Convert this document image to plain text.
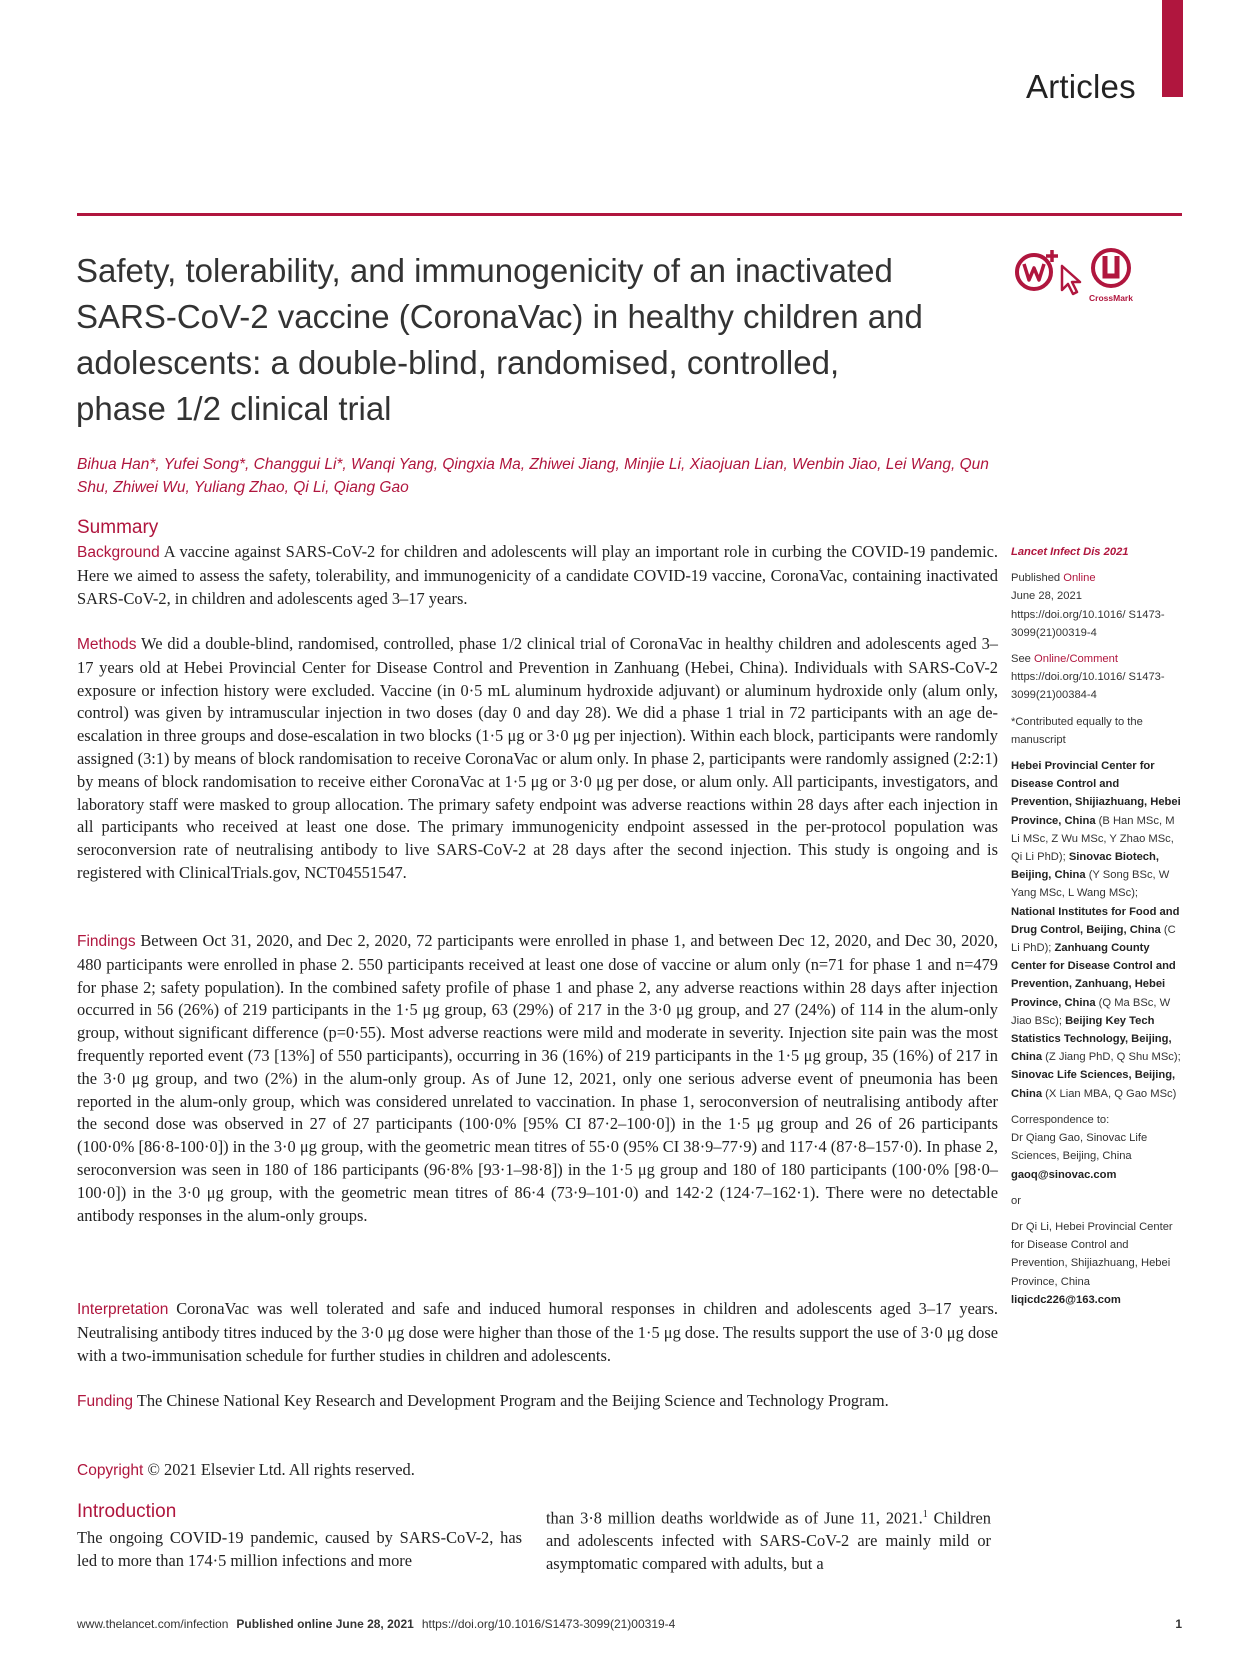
Articles
Safety, tolerability, and immunogenicity of an inactivated
SARS-CoV-2 vaccine (CoronaVac) in healthy children and
adolescents: a double-blind, randomised, controlled,
phase 1/2 clinical trial
CrossMark
Bihua Han*, Yufei Song*, Changgui Li*, Wanqi Yang, Qingxia Ma, Zhiwei Jiang, Minjie Li, Xiaojuan Lian, Wenbin Jiao, Lei Wang, Qun Shu, Zhiwei Wu, Yuliang Zhao, Qi Li, Qiang Gao
Summary

Background A vaccine against SARS-CoV-2 for children and adolescents will play an important role in curbing the COVID-19 pandemic. Here we aimed to assess the safety, tolerability, and immunogenicity of a candidate COVID-19 vaccine, CoronaVac, containing inactivated SARS-CoV-2, in children and adolescents aged 3–17 years.

Methods We did a double-blind, randomised, controlled, phase 1/2 clinical trial of CoronaVac in healthy children and adolescents aged 3–17 years old at Hebei Provincial Center for Disease Control and Prevention in Zanhuang (Hebei, China). Individuals with SARS-CoV-2 exposure or infection history were excluded. Vaccine (in 0·5 mL aluminum hydroxide adjuvant) or aluminum hydroxide only (alum only, control) was given by intramuscular injection in two doses (day 0 and day 28). We did a phase 1 trial in 72 participants with an age de-escalation in three groups and dose-escalation in two blocks (1·5 μg or 3·0 μg per injection). Within each block, participants were randomly assigned (3:1) by means of block randomisation to receive CoronaVac or alum only. In phase 2, participants were randomly assigned (2:2:1) by means of block randomisation to receive either CoronaVac at 1·5 μg or 3·0 μg per dose, or alum only. All participants, investigators, and laboratory staff were masked to group allocation. The primary safety endpoint was adverse reactions within 28 days after each injection in all participants who received at least one dose. The primary immunogenicity endpoint assessed in the per-protocol population was seroconversion rate of neutralising antibody to live SARS-CoV-2 at 28 days after the second injection. This study is ongoing and is registered with ClinicalTrials.gov, NCT04551547.

Findings Between Oct 31, 2020, and Dec 2, 2020, 72 participants were enrolled in phase 1, and between Dec 12, 2020, and Dec 30, 2020, 480 participants were enrolled in phase 2. 550 participants received at least one dose of vaccine or alum only (n=71 for phase 1 and n=479 for phase 2; safety population). In the combined safety profile of phase 1 and phase 2, any adverse reactions within 28 days after injection occurred in 56 (26%) of 219 participants in the 1·5 μg group, 63 (29%) of 217 in the 3·0 μg group, and 27 (24%) of 114 in the alum-only group, without significant difference (p=0·55). Most adverse reactions were mild and moderate in severity. Injection site pain was the most frequently reported event (73 [13%] of 550 participants), occurring in 36 (16%) of 219 participants in the 1·5 μg group, 35 (16%) of 217 in the 3·0 μg group, and two (2%) in the alum-only group. As of June 12, 2021, only one serious adverse event of pneumonia has been reported in the alum-only group, which was considered unrelated to vaccination. In phase 1, seroconversion of neutralising antibody after the second dose was observed in 27 of 27 participants (100·0% [95% CI 87·2–100·0]) in the 1·5 μg group and 26 of 26 participants (100·0% [86·8-100·0]) in the 3·0 μg group, with the geometric mean titres of 55·0 (95% CI 38·9–77·9) and 117·4 (87·8–157·0). In phase 2, seroconversion was seen in 180 of 186 participants (96·8% [93·1–98·8]) in the 1·5 μg group and 180 of 180 participants (100·0% [98·0–100·0]) in the 3·0 μg group, with the geometric mean titres of 86·4 (73·9–101·0) and 142·2 (124·7–162·1). There were no detectable antibody responses in the alum-only groups.

Interpretation CoronaVac was well tolerated and safe and induced humoral responses in children and adolescents aged 3–17 years. Neutralising antibody titres induced by the 3·0 μg dose were higher than those of the 1·5 μg dose. The results support the use of 3·0 μg dose with a two-immunisation schedule for further studies in children and adolescents.

Funding The Chinese National Key Research and Development Program and the Beijing Science and Technology Program.

Copyright © 2021 Elsevier Ltd. All rights reserved.

Introduction

The ongoing COVID-19 pandemic, caused by SARS-CoV-2, has led to more than 174·5 million infections and more

than 3·8 million deaths worldwide as of June 11, 2021.$^1$ Children and adolescents infected with SARS-CoV-2 are mainly mild or asymptomatic compared with adults, but a

Lancet Infect Dis 2021

Published Online

June 28, 2021

https://doi.org/10.1016/ S1473-3099(21)00319-4

See Online/Comment

https://doi.org/10.1016/ S1473-3099(21)00384-4

*Contributed equally to the manuscript

Hebei Provincial Center for Disease Control and Prevention, Shijiazhuang, Hebei Province, China (B Han MSc, M Li MSc, Z Wu MSc, Y Zhao MSc, Qi Li PhD); Sinovac Biotech, Beijing, China (Y Song BSc, W Yang MSc, L Wang MSc); National Institutes for Food and Drug Control, Beijing, China (C Li PhD); Zanhuang County Center for Disease Control and Prevention, Zanhuang, Hebei Province, China (Q Ma BSc, W Jiao BSc); Beijing Key Tech Statistics Technology, Beijing, China (Z Jiang PhD, Q Shu MSc); Sinovac Life Sciences, Beijing, China (X Lian MBA, Q Gao MSc)

Correspondence to:

Dr Qiang Gao, Sinovac Life Sciences, Beijing, China

gaoq@sinovac.com

or

Dr Qi Li, Hebei Provincial Center for Disease Control and Prevention, Shijiazhuang, Hebei Province, China

liqicdc226@163.com

www.thelancet.com/infection Published online June 28, 2021 https://doi.org/10.1016/S1473-3099(21)00319-4	1
